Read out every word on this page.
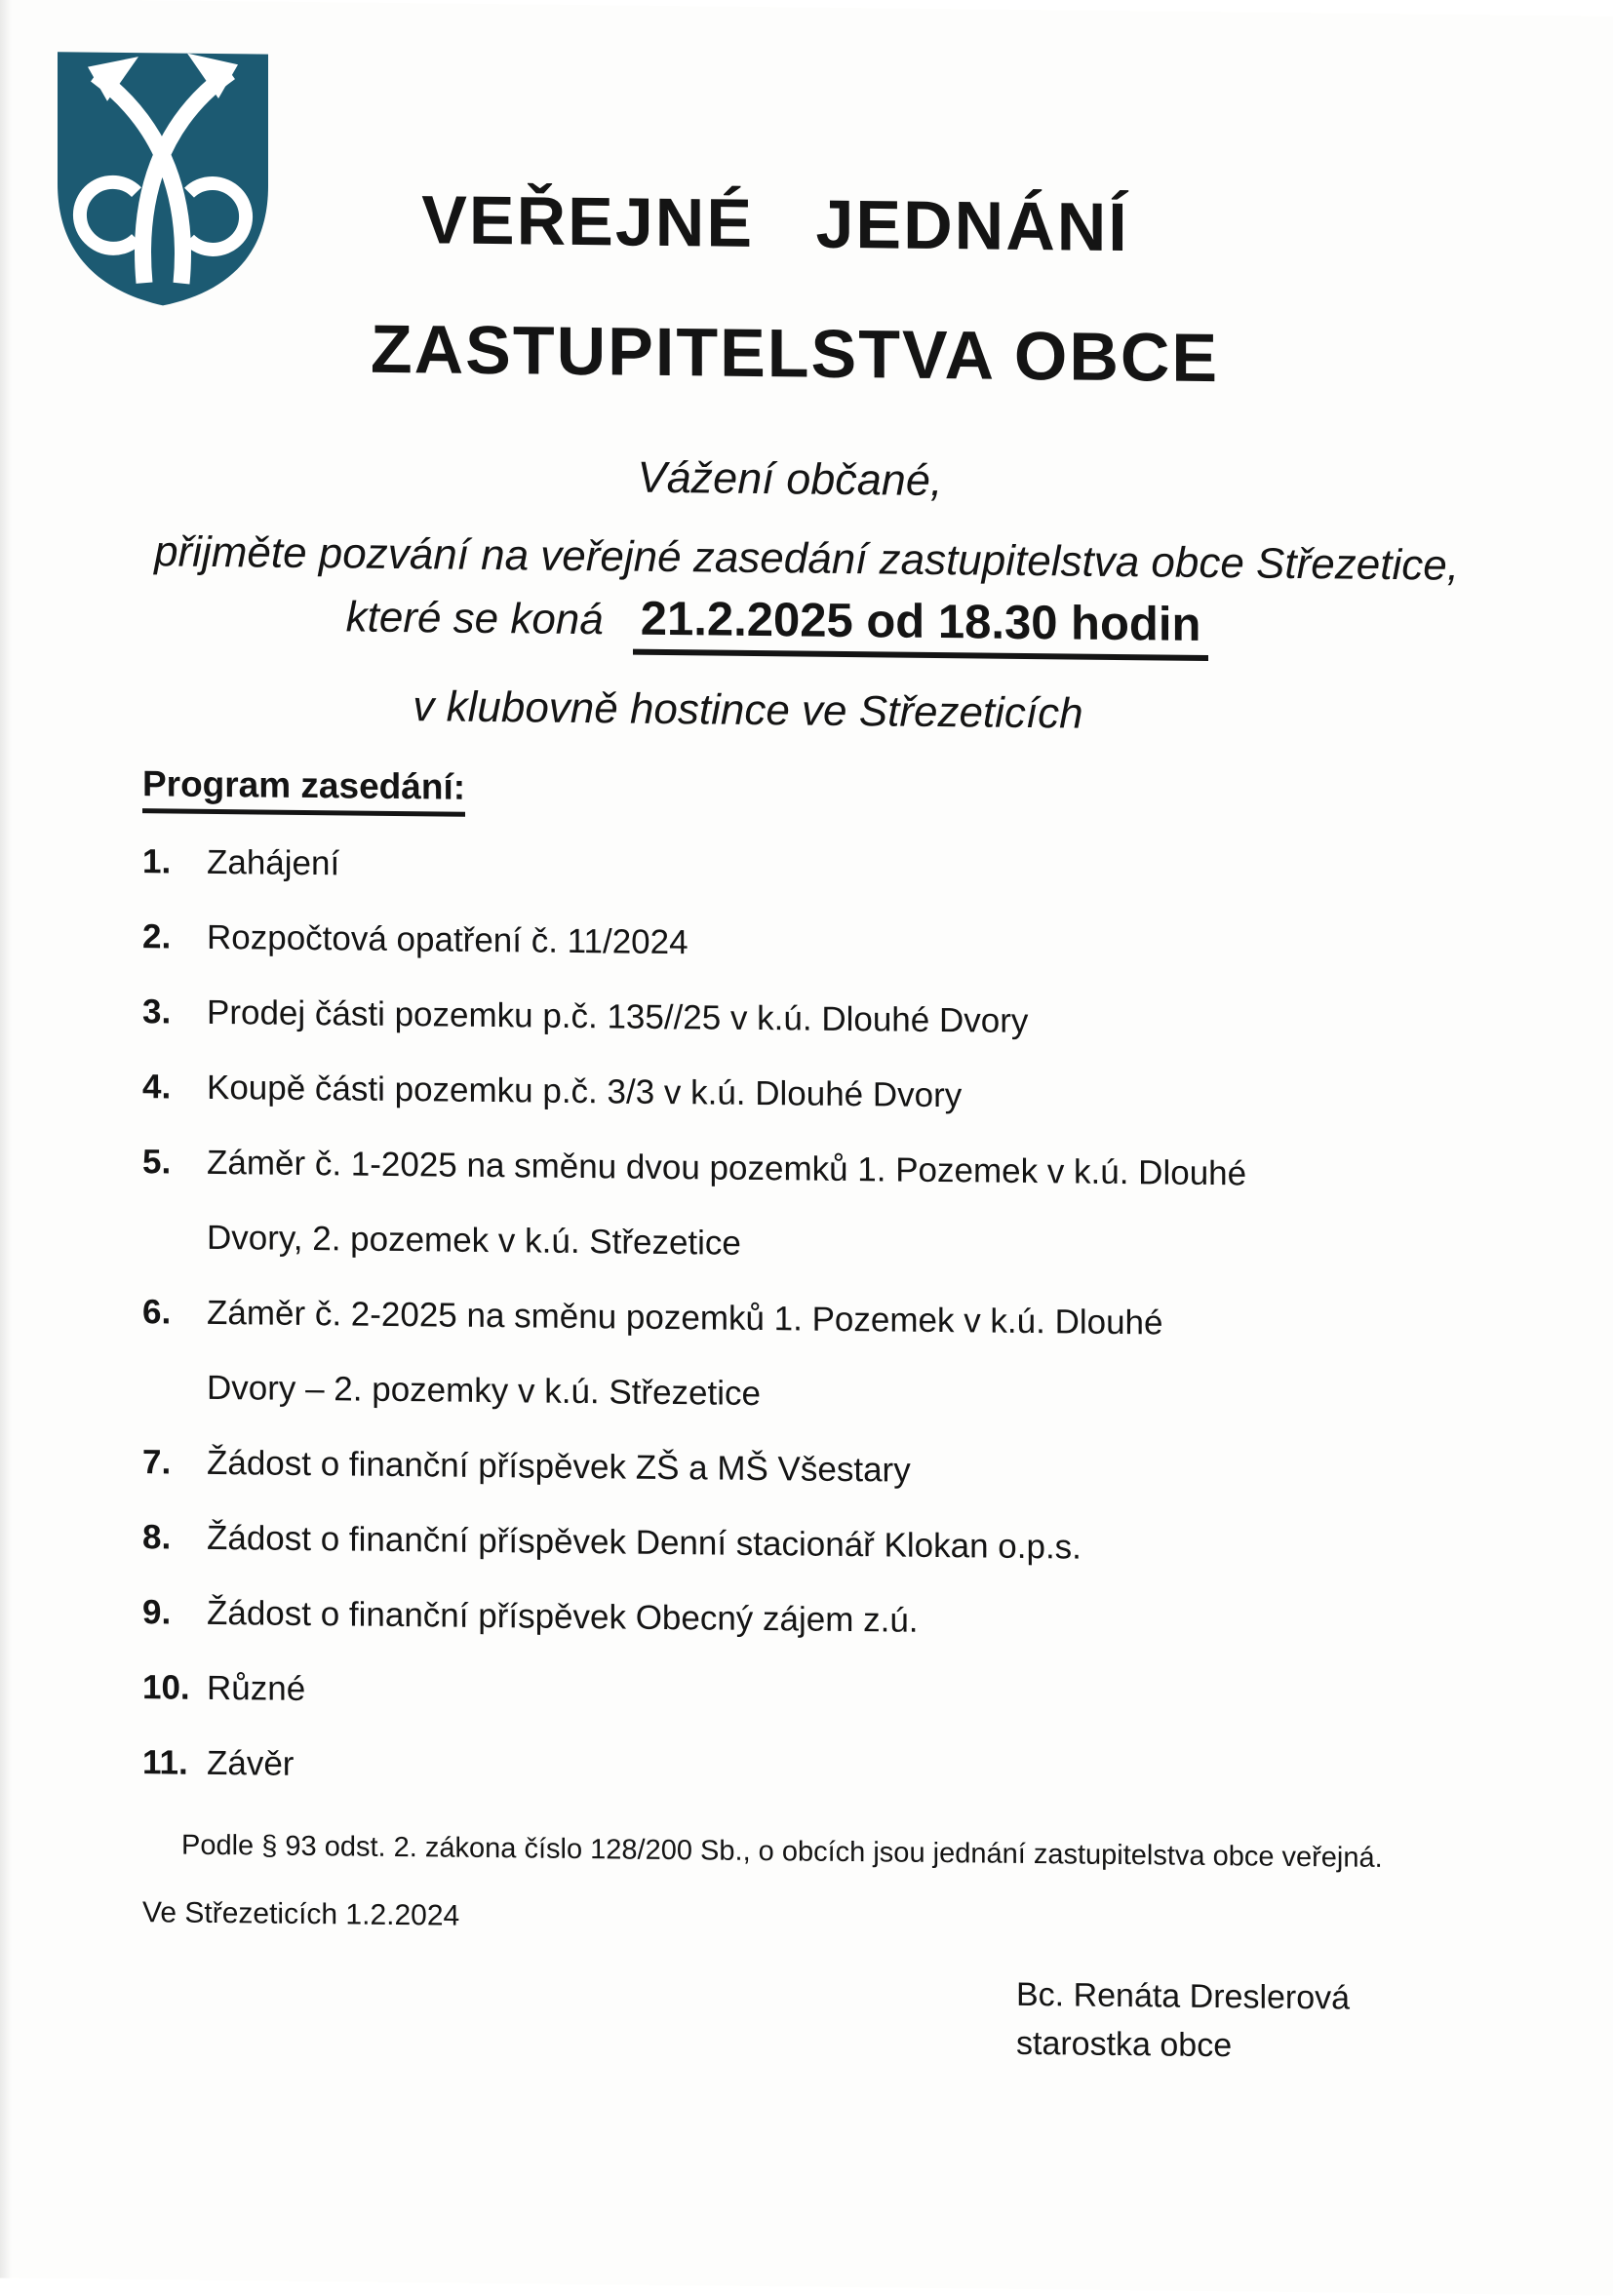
VEŘEJNÉ JEDNÁNÍ
ZASTUPITELSTVA OBCE
Vážení občané,
přijměte pozvání na veřejné zasedání zastupitelstva obce Střezetice,
které se koná 21.2.2025 od 18.30 hodin
v klubovně hostince ve Střezeticích
Program zasedání:
1.	Zahájení
2.	Rozpočtová opatření č. 11/2024
3.	Prodej části pozemku p.č. 135//25 v k.ú. Dlouhé Dvory
4.	Koupě části pozemku p.č. 3/3 v k.ú. Dlouhé Dvory
5.	Záměr č. 1-2025 na směnu dvou pozemků 1. Pozemek v k.ú. Dlouhé
Dvory, 2. pozemek v k.ú. Střezetice
6.	Záměr č. 2-2025 na směnu pozemků 1. Pozemek v k.ú. Dlouhé
Dvory – 2. pozemky v k.ú. Střezetice
7.	Žádost o finanční příspěvek ZŠ a MŠ Všestary
8.	Žádost o finanční příspěvek Denní stacionář Klokan o.p.s.
9.	Žádost o finanční příspěvek Obecný zájem z.ú.
10. Různé
11. Závěr
Podle § 93 odst. 2. zákona číslo 128/200 Sb., o obcích jsou jednání zastupitelstva obce veřejná.
Ve Střezeticích 1.2.2024
Bc. Renáta Dreslerová
starostka obce
